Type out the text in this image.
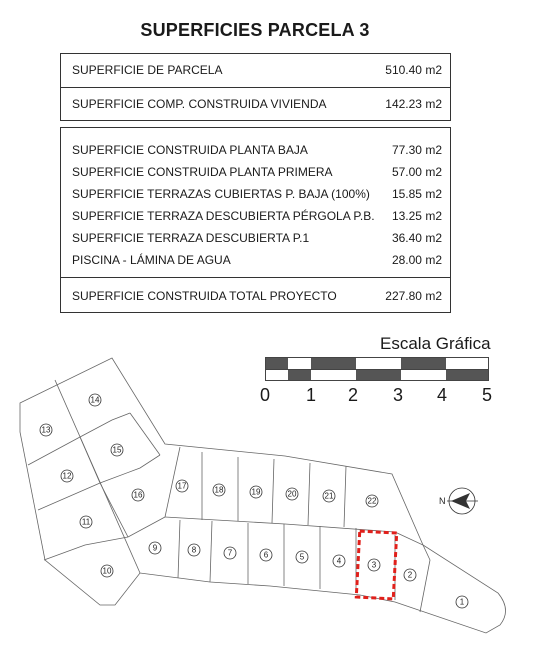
SUPERFICIES PARCELA 3
SUPERFICIE DE PARCELA	510.40 m2
SUPERFICIE COMP. CONSTRUIDA VIVIENDA	142.23 m2
SUPERFICIE CONSTRUIDA PLANTA BAJA	77.30 m2
SUPERFICIE CONSTRUIDA PLANTA PRIMERA	57.00 m2
SUPERFICIE TERRAZAS CUBIERTAS P. BAJA (100%) 15.85 m2
SUPERFICIE TERRAZA DESCUBIERTA PÉRGOLA P.B. 13.25 m2
SUPERFICIE TERRAZA DESCUBIERTA P.1	36.40 m2
PISCINA - LÁMINA DE AGUA	28.00 m2
SUPERFICIE CONSTRUIDA TOTAL PROYECTO	227.80 m2
Escala Gráfica
0 1 2 3 4 5
1
2
3
4
5
6
7
8
9
10
11
12
13
14
15
16
17	18	19	20	21
22	N
